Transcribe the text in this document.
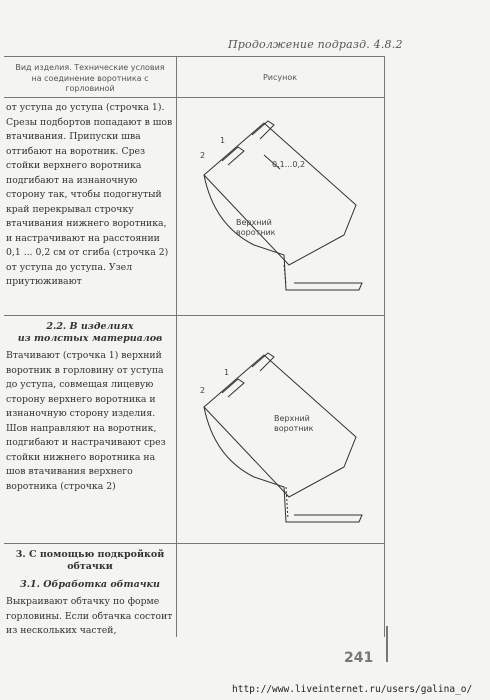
Продолжение подразд. 4.8.2
Вид изделия. Технические условия на соединение воротника с горловиной
Рисунок
от уступа до уступа (строчка 1). Срезы подбортов попадают в шов втачивания. Припуски шва отгибают на воротник. Срез стойки верхнего воротника подгибают на изнаночную сторону так, чтобы подогнутый край перекрывал строчку втачивания нижнего воротника, и настрачивают на расстоянии 0,1 ... 0,2 см от сгиба (строчка 2) от уступа до уступа. Узел приутюживают
1
2
0,1...0,2
Верхний
воротник
2.2. В изделиях
из толстых материалов
Втачивают (строчка 1) верхний воротник в горловину от уступа до уступа, совмещая лицевую сторону верхнего воротника и изнаночную сторону изделия. Шов направляют на воротник, подгибают и настрачивают срез стойки нижнего воротника на шов втачивания верхнего воротника (строчка 2)
1
2
Верхний
воротник
3. С помощью подкройкой
обтачки
3.1. Обработка обтачки
Выкраивают обтачку по форме горловины. Если обтачка состоит из нескольких частей,
241
http://www.liveinternet.ru/users/galina_o/
